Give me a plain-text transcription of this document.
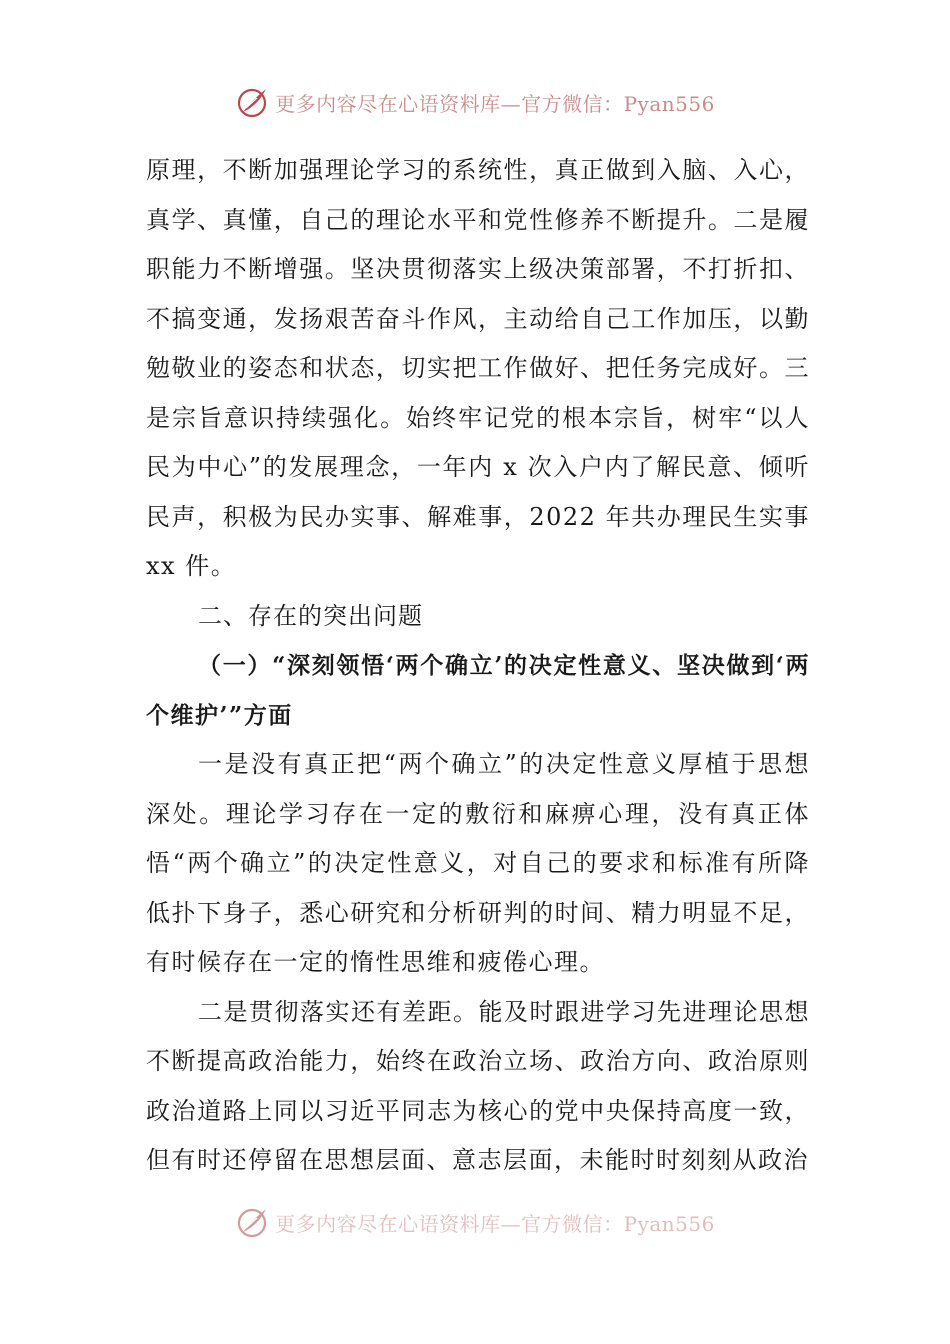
更多内容尽在心语资料库—官方微信：Pyan556

原理，不断加强理论学习的系统性，真正做到入脑、入心，真学、真懂，自己的理论水平和党性修养不断提升。二是履职能力不断增强。坚决贯彻落实上级决策部署，不打折扣、不搞变通，发扬艰苦奋斗作风，主动给自己工作加压，以勤勉敬业的姿态和状态，切实把工作做好、把任务完成好。三是宗旨意识持续强化。始终牢记党的根本宗旨，树牢“以人民为中心”的发展理念，一年内 x 次入户内了解民意、倾听民声，积极为民办实事、解难事，2022 年共办理民生实事 xx 件。

二、存在的突出问题
（一）“深刻领悟‘两个确立’的决定性意义、坚决做到‘两个维护’”方面

一是没有真正把“两个确立”的决定性意义厚植于思想深处。理论学习存在一定的敷衍和麻痹心理，没有真正体悟“两个确立”的决定性意义，对自己的要求和标准有所降低扑下身子，悉心研究和分析研判的时间、精力明显不足，有时候存在一定的惰性思维和疲倦心理。

二是贯彻落实还有差距。能及时跟进学习先进理论思想不断提高政治能力，始终在政治立场、政治方向、政治原则政治道路上同以习近平同志为核心的党中央保持高度一致，但有时还停留在思想层面、意志层面，未能时时刻刻从政治

更多内容尽在心语资料库—官方微信：Pyan556
